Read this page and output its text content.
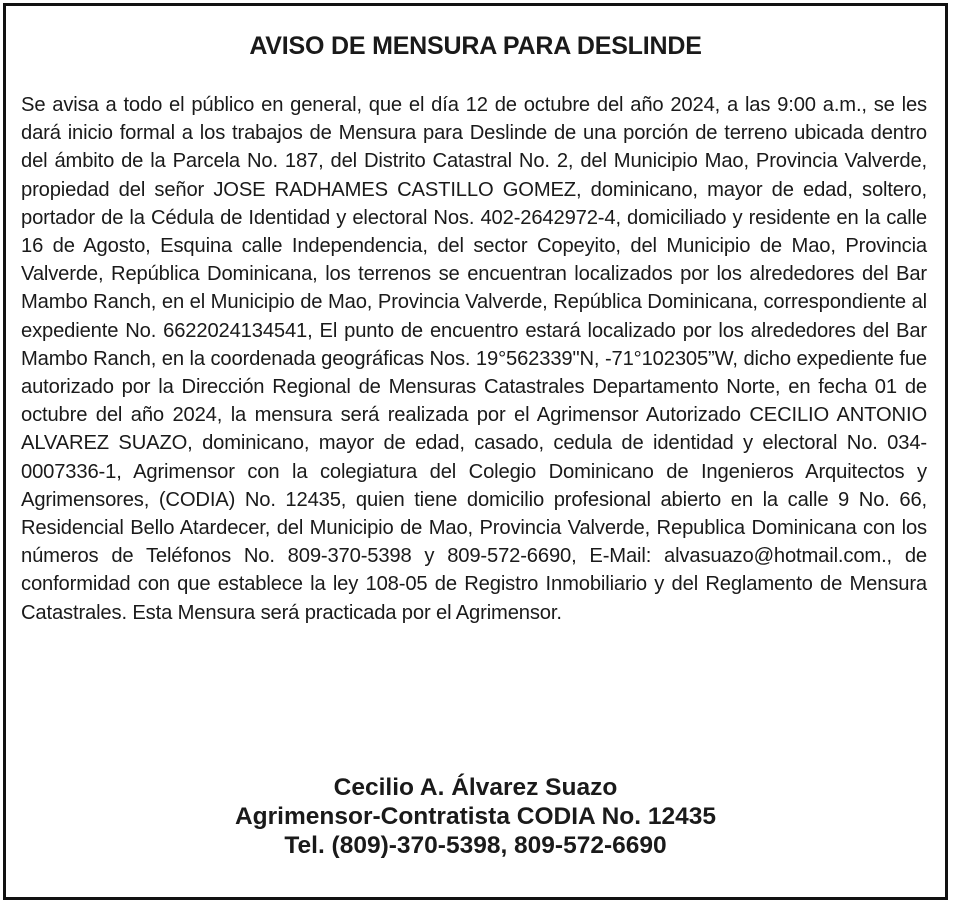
AVISO DE MENSURA PARA DESLINDE

Se avisa a todo el público en general, que el día 12 de octubre del año 2024, a las 9:00 a.m., se les dará inicio formal a los trabajos de Mensura para Deslinde de una porción de terreno ubicada dentro del ámbito de la Parcela No. 187, del Distrito Catastral No. 2, del Municipio Mao, Provincia Valverde, propiedad del señor JOSE RADHAMES CASTILLO GOMEZ, dominicano, mayor de edad, soltero, portador de la Cédula de Identidad y electoral Nos. 402-2642972-4, domiciliado y residente en la calle 16 de Agosto, Esquina calle Independencia, del sector Copeyito, del Municipio de Mao, Provincia Valverde, República Dominicana, los terrenos se encuentran localizados por los alrededores del Bar Mambo Ranch, en el Municipio de Mao, Provincia Valverde, República Dominicana, correspondiente al expediente No. 6622024134541, El punto de encuentro estará localizado por los alrededores del Bar Mambo Ranch, en la coordenada geográficas Nos. 19°562339"N, -71°102305”W, dicho expediente fue autorizado por la Dirección Regional de Mensuras Catastrales Departamento Norte, en fecha 01 de octubre del año 2024, la mensura será realizada por el Agrimensor Autorizado CECILIO ANTONIO ALVAREZ SUAZO, dominicano, mayor de edad, casado, cedula de identidad y electoral No. 034-0007336-1, Agrimensor con la colegiatura del Colegio Dominicano de Ingenieros Arquitectos y Agrimensores, (CODIA) No. 12435, quien tiene domicilio profesional abierto en la calle 9 No. 66, Residencial Bello Atardecer, del Municipio de Mao, Provincia Valverde, Republica Dominicana con los números de Teléfonos No. 809-370-5398 y 809-572-6690, E-Mail: alvasuazo@hotmail.com., de conformidad con que establece la ley 108-05 de Registro Inmobiliario y del Reglamento de Mensura Catastrales. Esta Mensura será practicada por el Agrimensor.

Cecilio A. Álvarez Suazo
Agrimensor-Contratista CODIA No. 12435
Tel. (809)-370-5398, 809-572-6690
